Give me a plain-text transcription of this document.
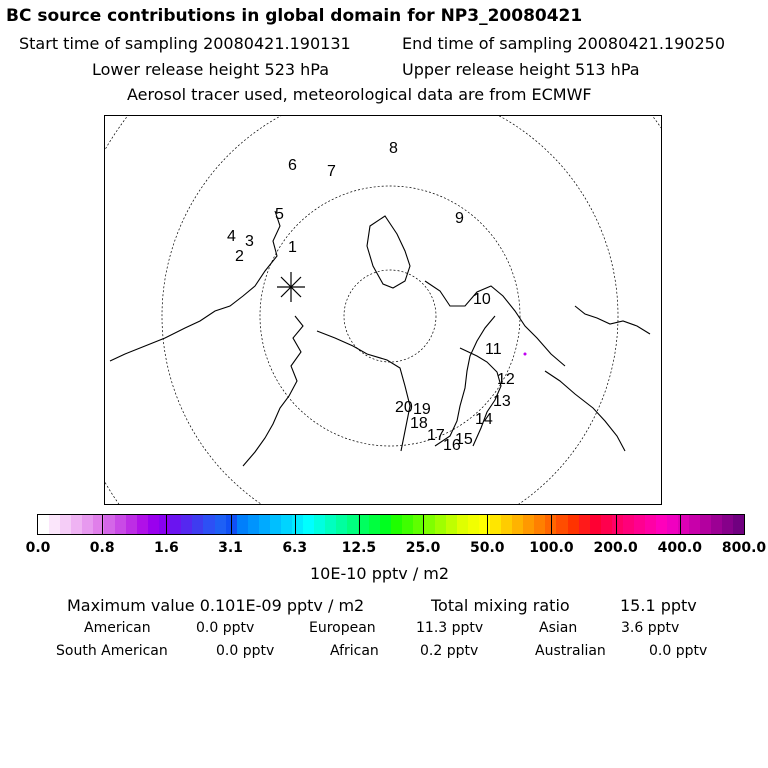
BC source contributions in global domain for NP3_20080421
Start time of sampling 20080421.190131	End time of sampling 20080421.190250
Lower release height 523 hPa	Upper release height 513 hPa
Aerosol tracer used, meteorological data are from ECMWF
1
2
3
4
5
6 7
8
9
10
11
12
13
14
15
16
17
18
19
20
0.0	0.8	1.6	3.1	6.3 12.5 25.0 50.0 100.0 200.0 400.0 800.0
10E-10 pptv / m2
Maximum value 0.101E-09 pptv / m2	Total mixing ratio	15.1 pptv
American	0.0 pptv	European	11.3 pptv	Asian	3.6 pptv
South American	0.0 pptv	African	0.2 pptv	Australian	0.0 pptv
